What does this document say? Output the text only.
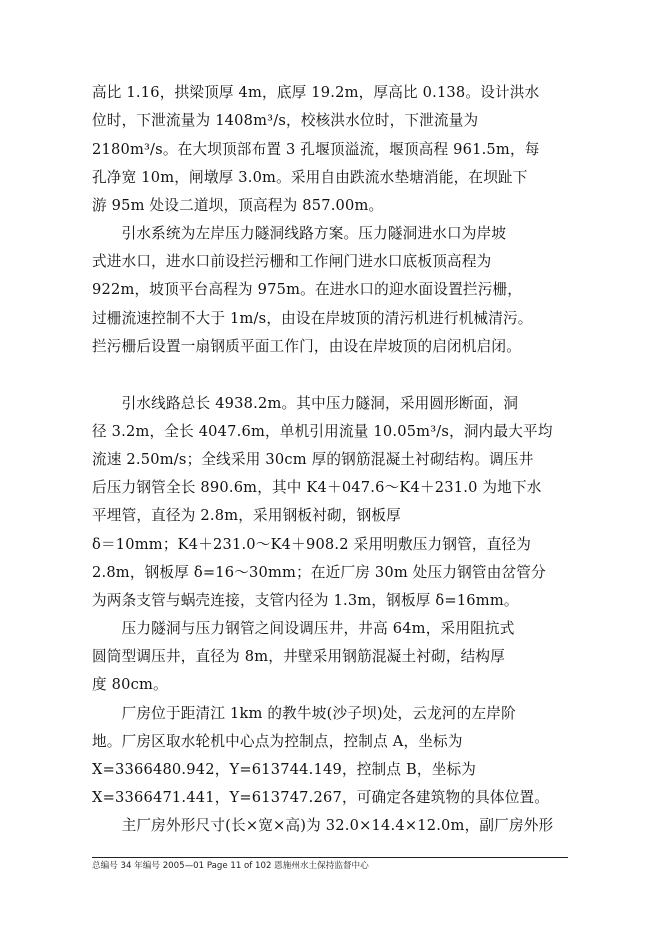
高比 1.16，拱梁顶厚 4m，底厚 19.2m，厚高比 0.138。设计洪水
位时，下泄流量为 1408m³/s，校核洪水位时，下泄流量为
2180m³/s。在大坝顶部布置 3 孔堰顶溢流，堰顶高程 961.5m，每
孔净宽 10m，闸墩厚 3.0m。采用自由跌流水垫塘消能，在坝趾下
游 95m 处设二道坝，顶高程为 857.00m。
　　引水系统为左岸压力隧洞线路方案。压力隧洞进水口为岸坡
式进水口，进水口前设拦污栅和工作闸门进水口底板顶高程为
922m，坡顶平台高程为 975m。在进水口的迎水面设置拦污栅，
过栅流速控制不大于 1m/s，由设在岸坡顶的清污机进行机械清污。
拦污栅后设置一扇钢质平面工作门，由设在岸坡顶的启闭机启闭。
　　引水线路总长 4938.2m。其中压力隧洞，采用圆形断面，洞
径 3.2m，全长 4047.6m，单机引用流量 10.05m³/s，洞内最大平均
流速 2.50m/s；全线采用 30cm 厚的钢筋混凝土衬砌结构。调压井
后压力钢管全长 890.6m，其中 K4＋047.6～K4＋231.0 为地下水
平埋管，直径为 2.8m，采用钢板衬砌，钢板厚
δ＝10mm；K4＋231.0～K4＋908.2 采用明敷压力钢管，直径为
2.8m，钢板厚 δ=16～30mm；在近厂房 30m 处压力钢管由岔管分
为两条支管与蜗壳连接，支管内径为 1.3m，钢板厚 δ=16mm。
　　压力隧洞与压力钢管之间设调压井，井高 64m，采用阻抗式
圆筒型调压井，直径为 8m，井壁采用钢筋混凝土衬砌，结构厚
度 80cm。
　　厂房位于距清江 1km 的教牛坡(沙子坝)处，云龙河的左岸阶
地。厂房区取水轮机中心点为控制点，控制点 A，坐标为
X=3366480.942，Y=613744.149，控制点 B，坐标为
X=3366471.441，Y=613747.267，可确定各建筑物的具体位置。
　　主厂房外形尺寸(长×宽×高)为 32.0×14.4×12.0m，副厂房外形
总编号 34 年编号 2005—01 Page 11 of 102 恩施州水土保持监督中心
